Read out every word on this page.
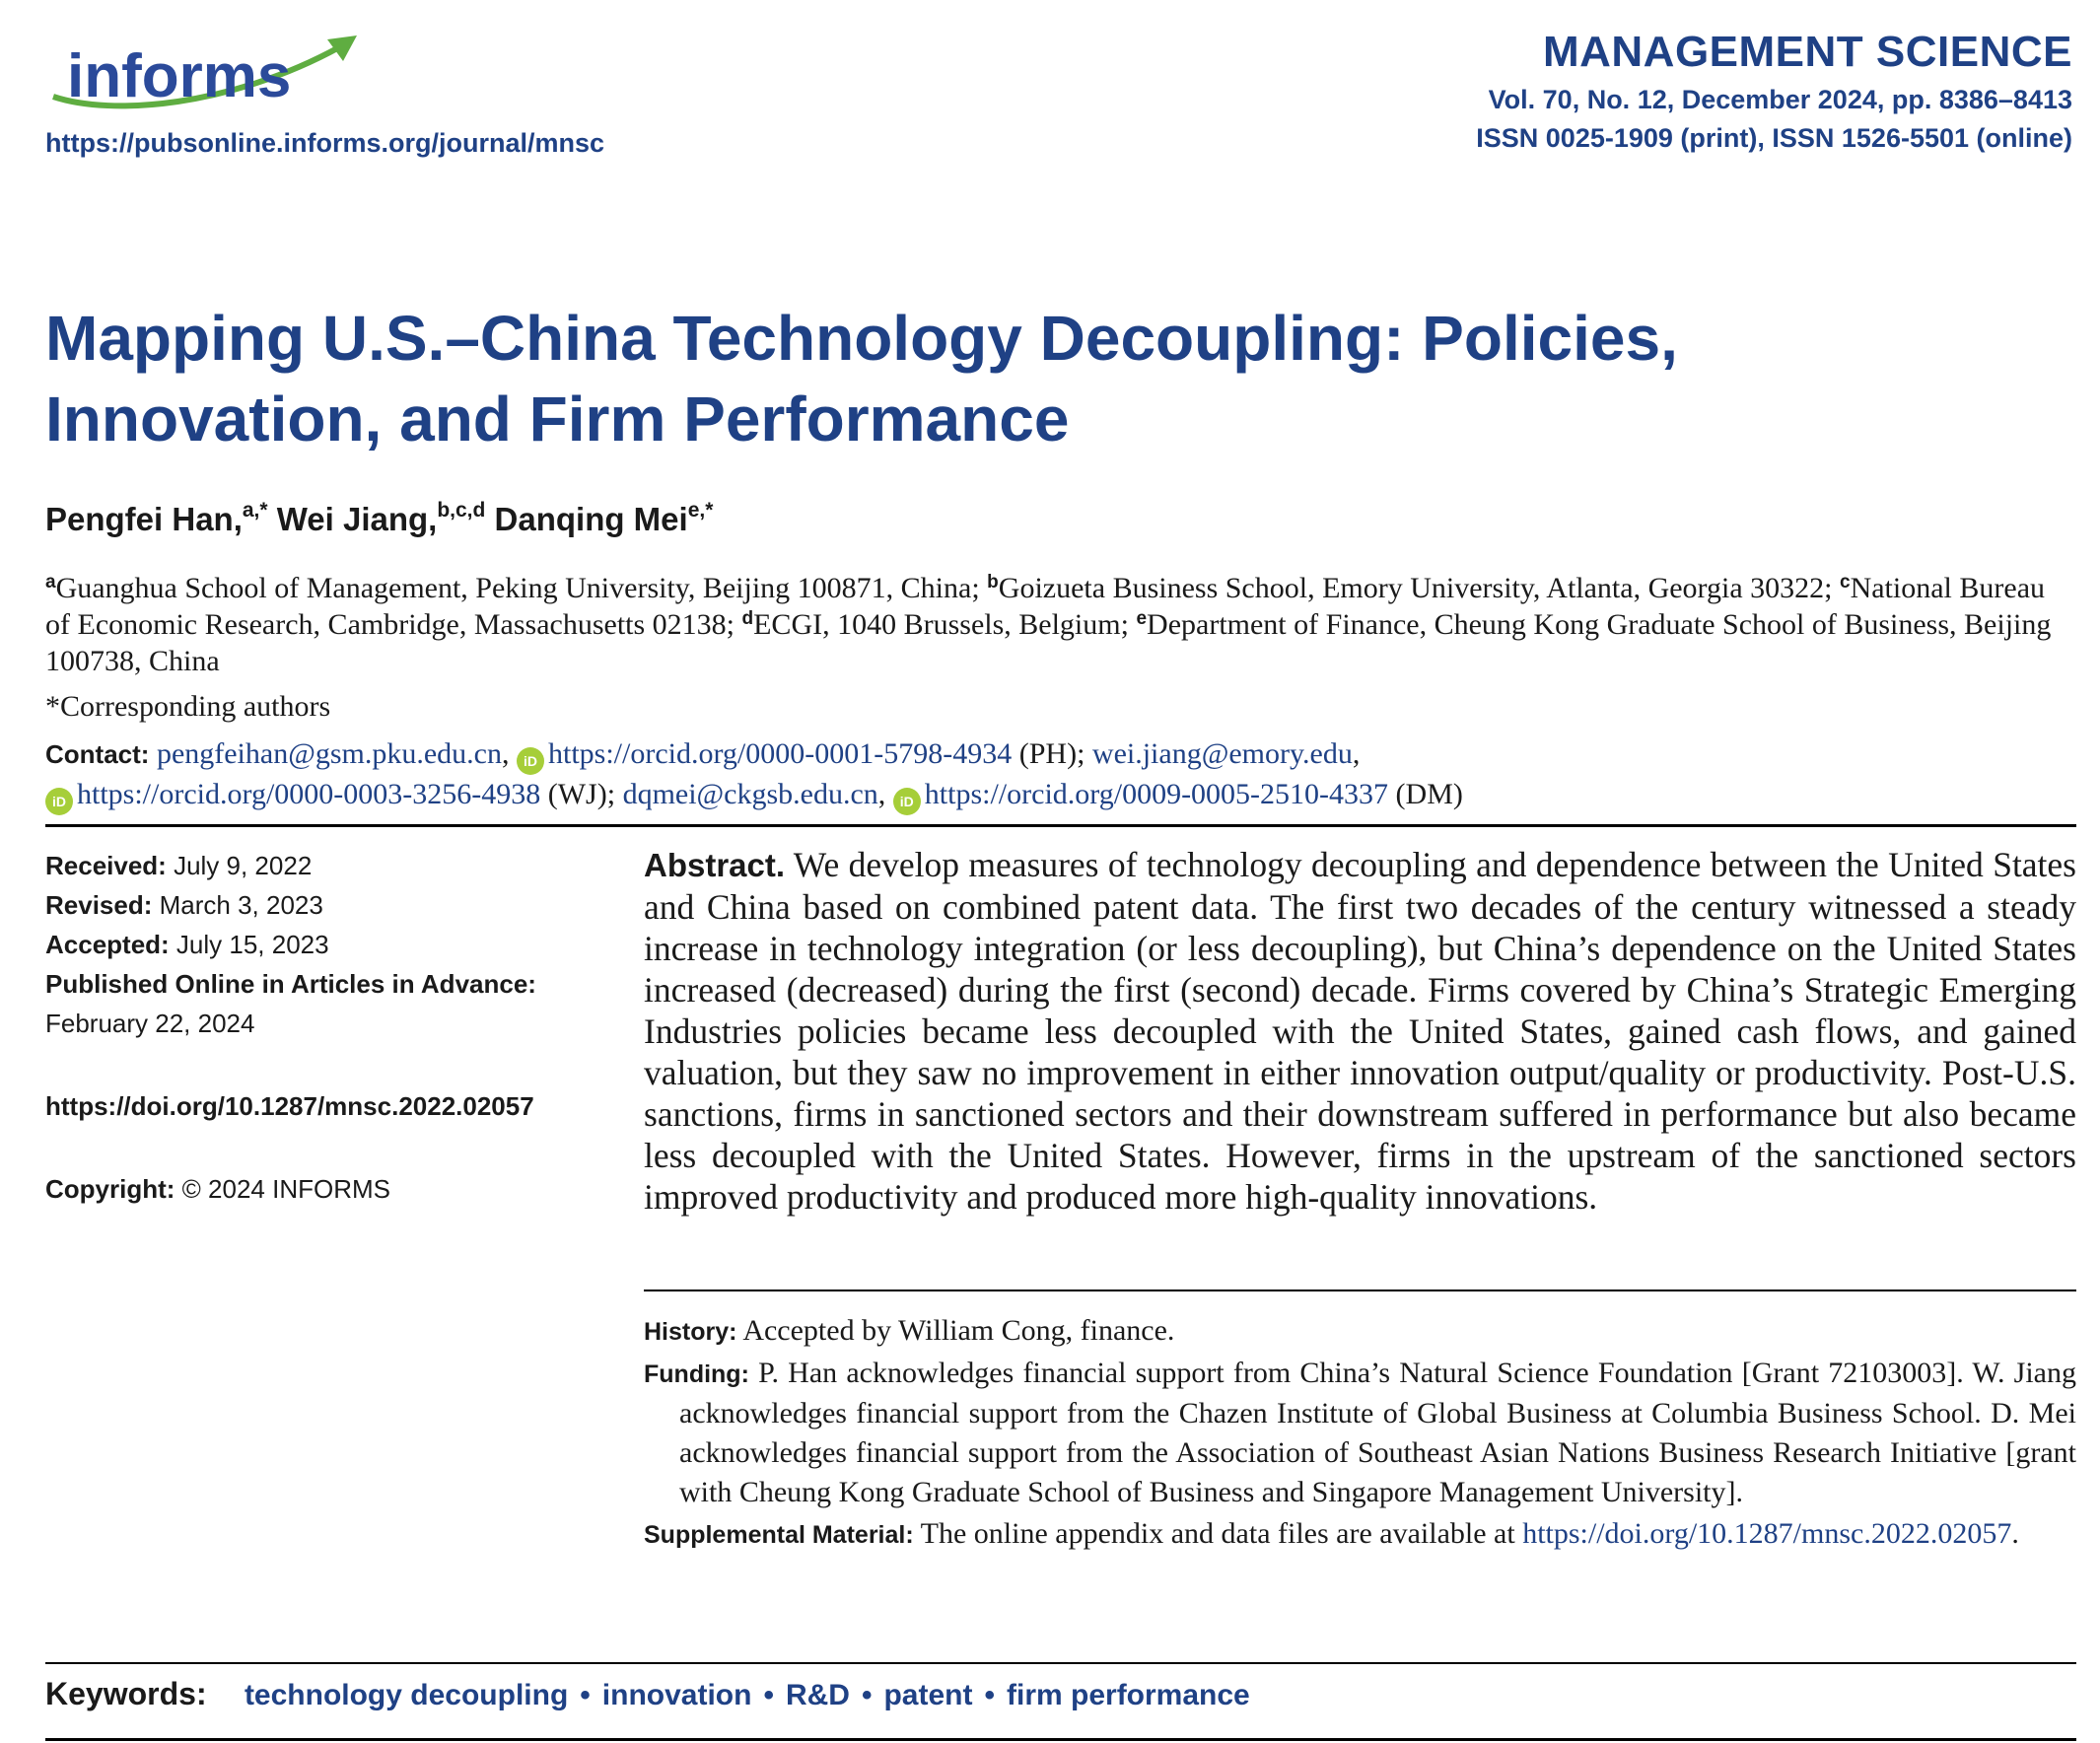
informs
https://pubsonline.informs.org/journal/mnsc
MANAGEMENT SCIENCE
Vol. 70, No. 12, December 2024, pp. 8386–8413
ISSN 0025-1909 (print), ISSN 1526-5501 (online)
Mapping U.S.–China Technology Decoupling: Policies,
Innovation, and Firm Performance
Pengfei Han,$^{a,*}$ Wei Jiang,$^{b,c,d}$ Danqing Mei$^{e,*}$
$^a$Guanghua School of Management, Peking University, Beijing 100871, China; $^b$Goizueta Business School, Emory University, Atlanta, Georgia 30322; $^c$National Bureau of Economic Research, Cambridge, Massachusetts 02138; $^d$ECGI, 1040 Brussels, Belgium; $^e$Department of Finance, Cheung Kong Graduate School of Business, Beijing 100738, China
*Corresponding authors
Contact: pengfeihan@gsm.pku.edu.cn, iD https://orcid.org/0000-0001-5798-4934 (PH); wei.jiang@emory.edu,
iD https://orcid.org/0000-0003-3256-4938 (WJ); dqmei@ckgsb.edu.cn, iD https://orcid.org/0009-0005-2510-4337 (DM)
Received: July 9, 2022
Revised: March 3, 2023
Accepted: July 15, 2023
Published Online in Articles in Advance:
February 22, 2024
https://doi.org/10.1287/mnsc.2022.02057
Copyright: © 2024 INFORMS

Abstract. We develop measures of technology decoupling and dependence between the United States and China based on combined patent data. The first two decades of the century witnessed a steady increase in technology integration (or less decoupling), but China’s dependence on the United States increased (decreased) during the first (second) decade. Firms covered by China’s Strategic Emerging Industries policies became less decoupled with the United States, gained cash flows, and gained valuation, but they saw no improvement in either innovation output/quality or productivity. Post-U.S. sanctions, firms in sanctioned sectors and their downstream suffered in performance but also became less decoupled with the United States. However, firms in the upstream of the sanctioned sectors improved productivity and produced more high-quality innovations.

History: Accepted by William Cong, finance.

Funding: P. Han acknowledges financial support from China’s Natural Science Foundation [Grant 72103003]. W. Jiang acknowledges financial support from the Chazen Institute of Global Business at Columbia Business School. D. Mei acknowledges financial support from the Association of Southeast Asian Nations Business Research Initiative [grant with Cheung Kong Graduate School of Business and Singapore Management University].

Supplemental Material: The online appendix and data files are available at https://doi.org/10.1287/mnsc.2022.02057.

Keywords: technology decoupling • innovation • R&D • patent • firm performance
